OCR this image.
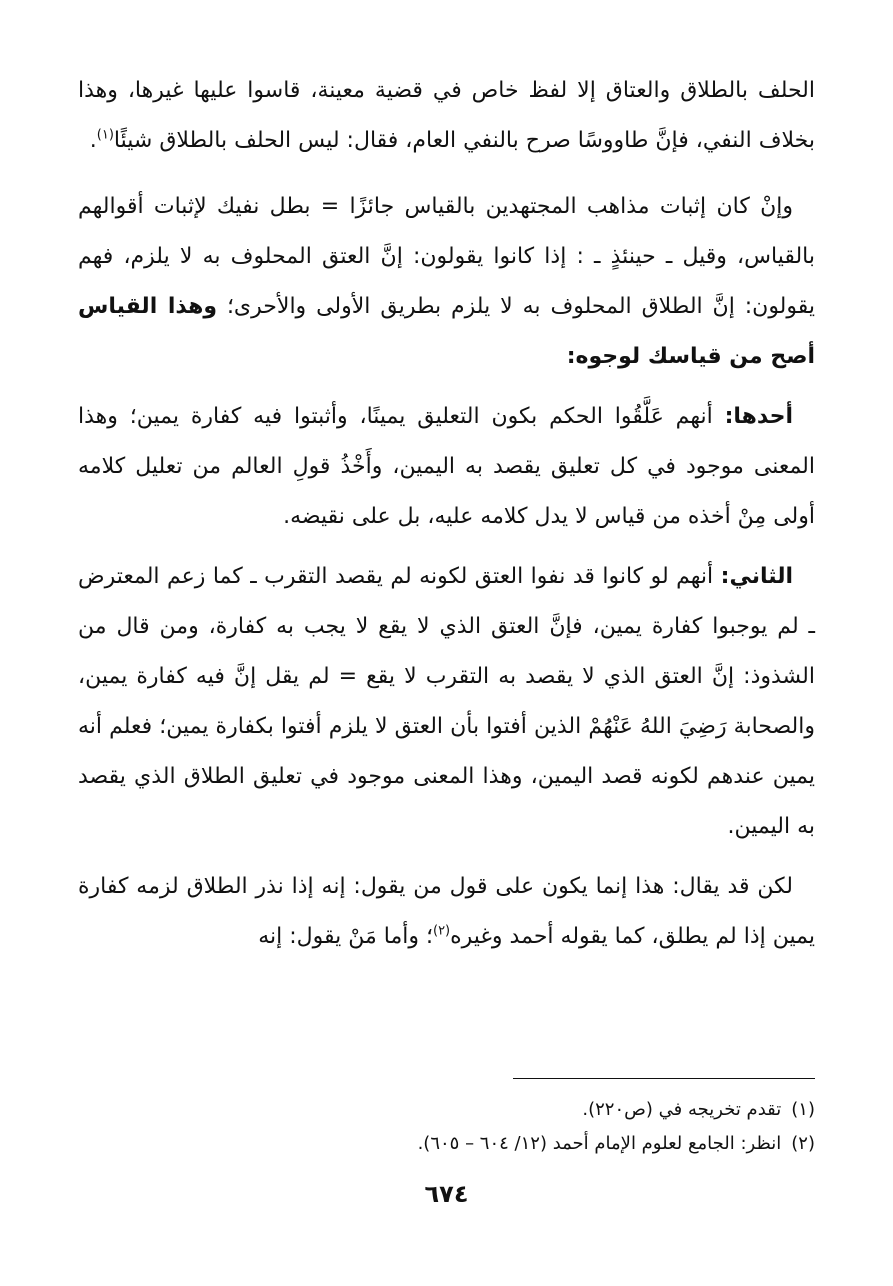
الحلف بالطلاق والعتاق إلا لفظ خاص في قضية معينة، قاسوا عليها غيرها، وهذا بخلاف النفي، فإنَّ طاووسًا صرح بالنفي العام، فقال: ليس الحلف بالطلاق شيئًا$^{(١)}$.

وإنْ كان إثبات مذاهب المجتهدين بالقياس جائزًا = بطل نفيك لإثبات أقوالهم بالقياس، وقيل ـ حينئذٍ ـ : إذا كانوا يقولون: إنَّ العتق المحلوف به لا يلزم، فهم يقولون: إنَّ الطلاق المحلوف به لا يلزم بطريق الأولى والأحرى؛ وهذا القياس أصح من قياسك لوجوه:

أحدها: أنهم عَلَّقُوا الحكم بكون التعليق يمينًا، وأثبتوا فيه كفارة يمين؛ وهذا المعنى موجود في كل تعليق يقصد به اليمين، وأَخْذُ قولِ العالم من تعليل كلامه أولى مِنْ أخذه من قياس لا يدل كلامه عليه، بل على نقيضه.

الثاني: أنهم لو كانوا قد نفوا العتق لكونه لم يقصد التقرب ـ كما زعم المعترض ـ لم يوجبوا كفارة يمين، فإنَّ العتق الذي لا يقع لا يجب به كفارة، ومن قال من الشذوذ: إنَّ العتق الذي لا يقصد به التقرب لا يقع = لم يقل إنَّ فيه كفارة يمين، والصحابة رَضِيَ اللهُ عَنْهُمْ الذين أفتوا بأن العتق لا يلزم أفتوا بكفارة يمين؛ فعلم أنه يمين عندهم لكونه قصد اليمين، وهذا المعنى موجود في تعليق الطلاق الذي يقصد به اليمين.

لكن قد يقال: هذا إنما يكون على قول من يقول: إنه إذا نذر الطلاق لزمه كفارة يمين إذا لم يطلق، كما يقوله أحمد وغيره$^{(٢)}$؛ وأما مَنْ يقول: إنه

(١)تقدم تخريجه في (ص٢٢٠).

(٢)انظر: الجامع لعلوم الإمام أحمد (١٢/ ٦٠٤ – ٦٠٥).

٦٧٤
